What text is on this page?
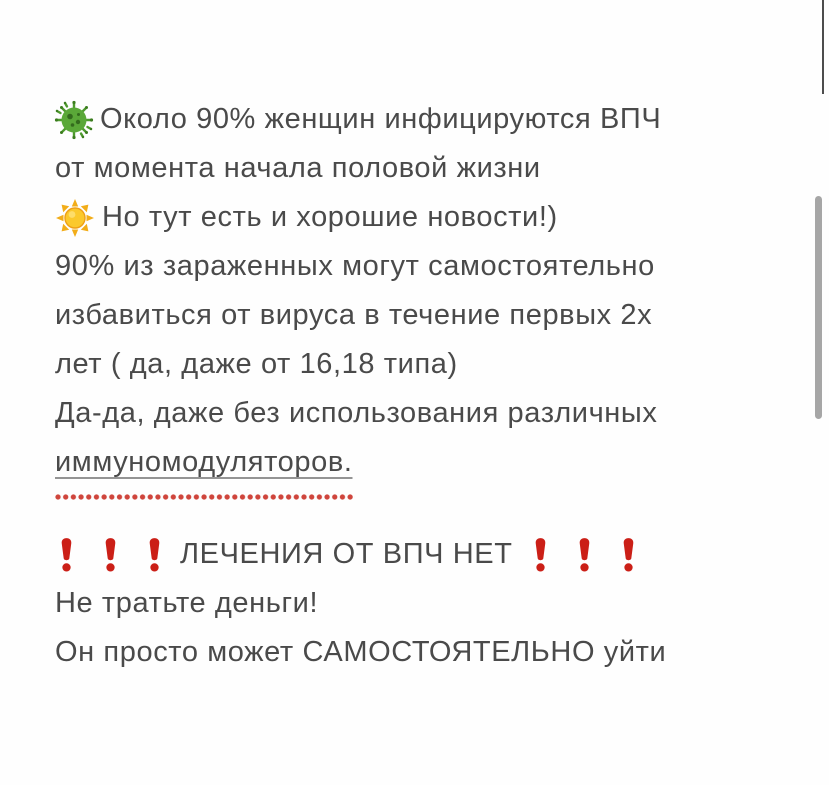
Около 90% женщин инфицируются ВПЧ
от момента начала половой жизни
Но тут есть и хорошие новости!)
90% из зараженных могут самостоятельно
избавиться от вируса в течение первых 2х
лет ( да, даже от 16,18 типа)
Да-да, даже без использования различных
иммуномодуляторов.
ЛЕЧЕНИЯ ОТ ВПЧ НЕТ
Не тратьте деньги!
Он просто может САМОСТОЯТЕЛЬНО уйти
